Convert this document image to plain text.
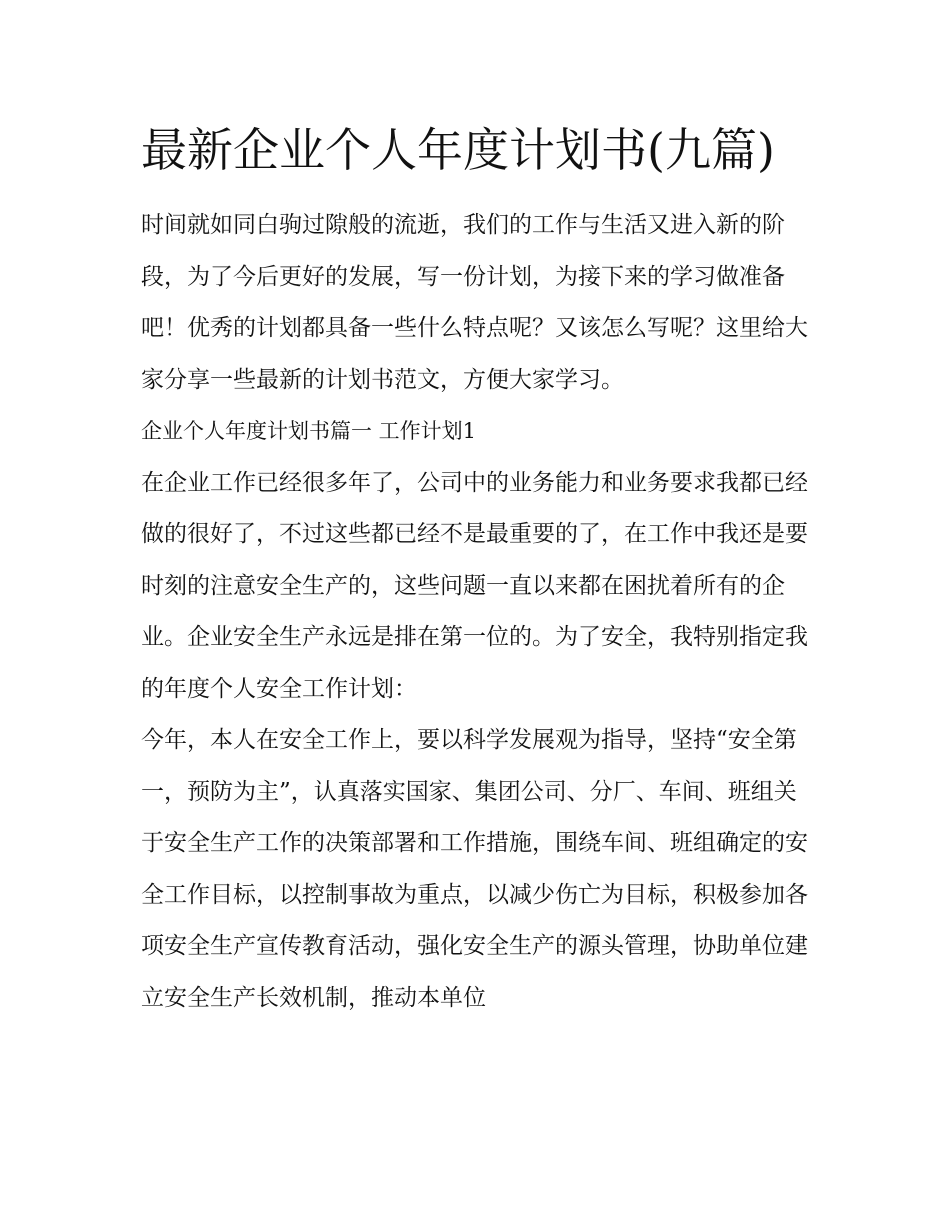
最新企业个人年度计划书(九篇)

时间就如同白驹过隙般的流逝，我们的工作与生活又进入新的阶段，为了今后更好的发展，写一份计划，为接下来的学习做准备吧！优秀的计划都具备一些什么特点呢？又该怎么写呢？这里给大家分享一些最新的计划书范文，方便大家学习。

企业个人年度计划书篇一 工作计划1

在企业工作已经很多年了，公司中的业务能力和业务要求我都已经做的很好了，不过这些都已经不是最重要的了，在工作中我还是要时刻的注意安全生产的，这些问题一直以来都在困扰着所有的企业。企业安全生产永远是排在第一位的。为了安全，我特别指定我的年度个人安全工作计划：

今年，本人在安全工作上，要以科学发展观为指导，坚持“安全第一，预防为主”，认真落实国家、集团公司、分厂、车间、班组关于安全生产工作的决策部署和工作措施，围绕车间、班组确定的安全工作目标，以控制事故为重点，以减少伤亡为目标，积极参加各项安全生产宣传教育活动，强化安全生产的源头管理，协助单位建立安全生产长效机制，推动本单位
